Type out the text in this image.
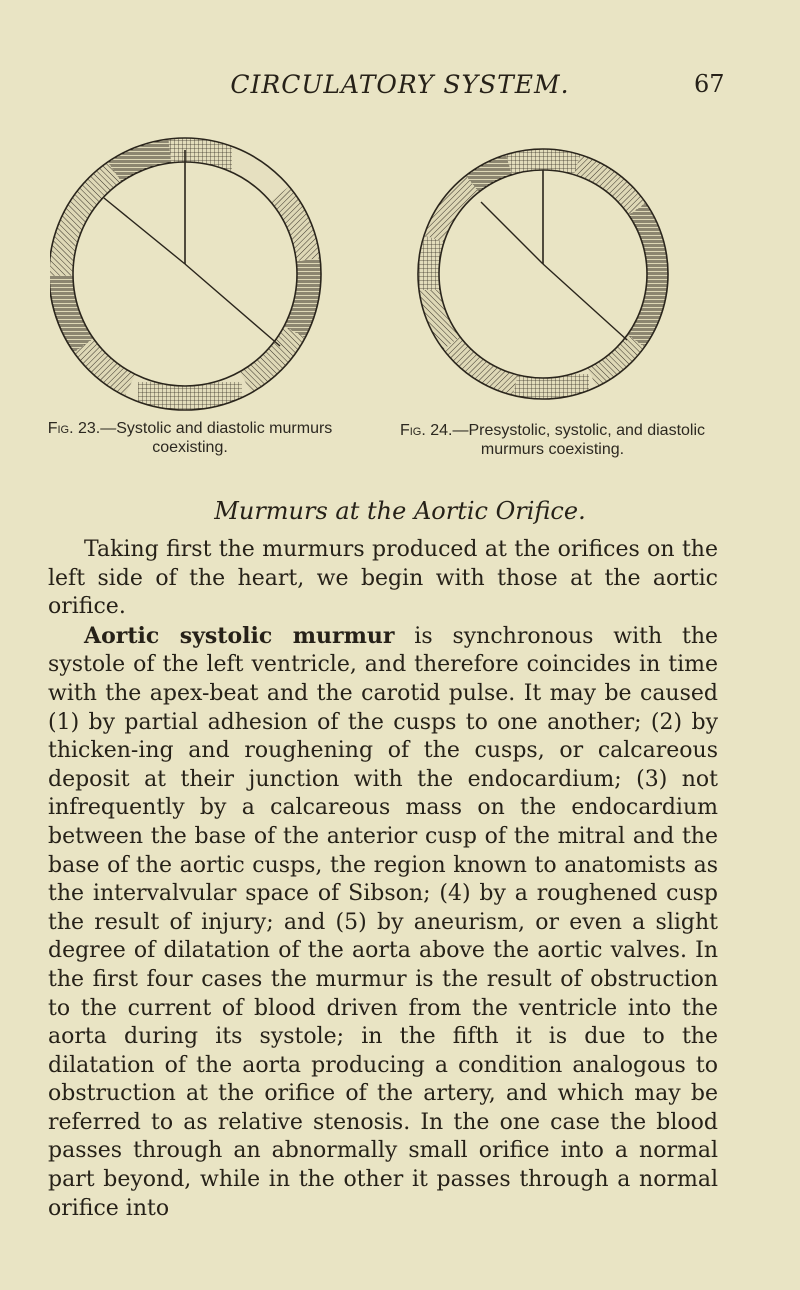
CIRCULATORY SYSTEM.	67
Fig. 23.—Systolic and diastolic murmurs coexisting.
Fig. 24.—Presystolic, systolic, and diastolic murmurs coexisting.
Murmurs at the Aortic Orifice.

Taking first the murmurs produced at the orifices on the left side of the heart, we begin with those at the aortic orifice.

Aortic systolic murmur is synchronous with the systole of the left ventricle, and therefore coincides in time with the apex-beat and the carotid pulse. It may be caused (1) by partial adhesion of the cusps to one another; (2) by thicken-ing and roughening of the cusps, or calcareous deposit at their junction with the endocardium; (3) not infrequently by a calcareous mass on the endocardium between the base of the anterior cusp of the mitral and the base of the aortic cusps, the region known to anatomists as the intervalvular space of Sibson; (4) by a roughened cusp the result of injury; and (5) by aneurism, or even a slight degree of dilatation of the aorta above the aortic valves. In the first four cases the murmur is the result of obstruction to the current of blood driven from the ventricle into the aorta during its systole; in the fifth it is due to the dilatation of the aorta producing a condition analogous to obstruction at the orifice of the artery, and which may be referred to as relative stenosis. In the one case the blood passes through an abnormally small orifice into a normal part beyond, while in the other it passes through a normal orifice into
